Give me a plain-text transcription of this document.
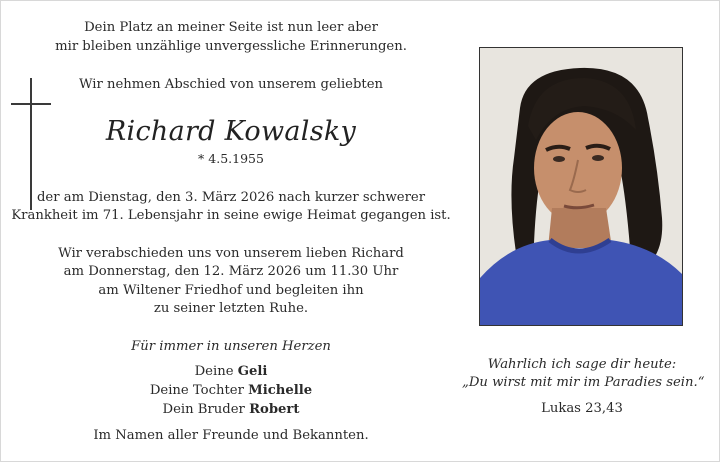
Dein Platz an meiner Seite ist nun leer aber
mir bleiben unzählige unvergessliche Erinnerungen.
Wir nehmen Abschied von unserem geliebten
Richard Kowalsky
* 4.5.1955
der am Dienstag, den 3. März 2026 nach kurzer schwerer
Krankheit im 71. Lebensjahr in seine ewige Heimat gegangen ist.
Wir verabschieden uns von unserem lieben Richard
am Donnerstag, den 12. März 2026 um 11.30 Uhr
am Wiltener Friedhof und begleiten ihn
zu seiner letzten Ruhe.
Für immer in unseren Herzen
Deine Geli
Deine Tochter Michelle
Dein Bruder Robert
Im Namen aller Freunde und Bekannten.
Wahrlich ich sage dir heute:
„Du wirst mit mir im Paradies sein.“
Lukas 23,43
